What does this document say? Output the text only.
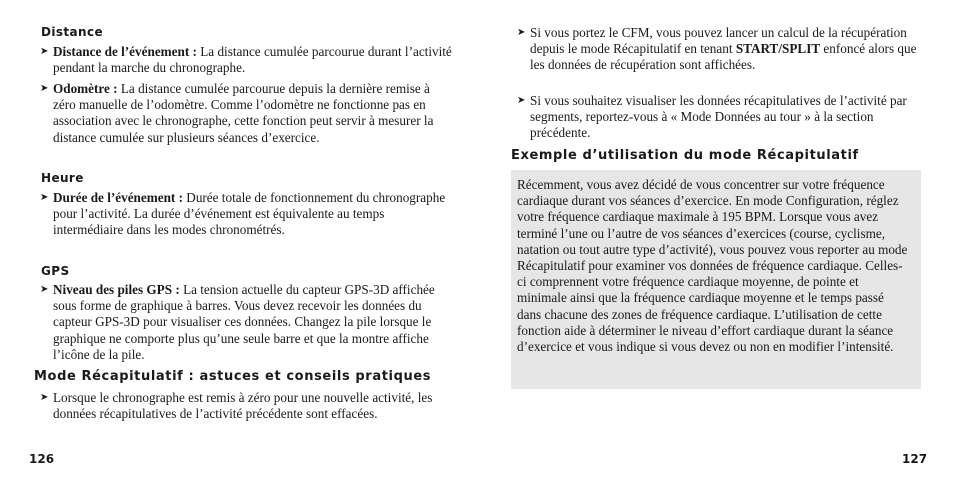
Distance
➤ Distance de l’événement : La distance cumulée parcourue durant l’activité pendant la marche du chronographe.
➤ Odomètre : La distance cumulée parcourue depuis la dernière remise à zéro manuelle de l’odomètre. Comme l’odomètre ne fonctionne pas en association avec le chronographe, cette fonction peut servir à mesurer la distance cumulée sur plusieurs séances d’exercice.
Heure
➤ Durée de l’événement : Durée totale de fonctionnement du chronographe pour l’activité. La durée d’événement est équivalente au temps intermédiaire dans les modes chronométrés.
GPS
➤ Niveau des piles GPS : La tension actuelle du capteur GPS-3D affichée sous forme de graphique à barres. Vous devez recevoir les données du capteur GPS-3D pour visualiser ces données. Changez la pile lorsque le graphique ne comporte plus qu’une seule barre et que la montre affiche l’icône de la pile.
Mode Récapitulatif : astuces et conseils pratiques
➤ Lorsque le chronographe est remis à zéro pour une nouvelle activité, les données récapitulatives de l’activité précédente sont effacées.
➤ Si vous portez le CFM, vous pouvez lancer un calcul de la récupération depuis le mode Récapitulatif en tenant START/SPLIT enfoncé alors que les données de récupération sont affichées.
➤ Si vous souhaitez visualiser les données récapitulatives de l’activité par segments, reportez-vous à « Mode Données au tour » à la section précédente.
Exemple d’utilisation du mode Récapitulatif

Récemment, vous avez décidé de vous concentrer sur votre fréquence cardiaque durant vos séances d’exercice. En mode Configuration, réglez votre fréquence cardiaque maximale à 195 BPM. Lorsque vous avez terminé l’une ou l’autre de vos séances d’exercices (course, cyclisme, natation ou tout autre type d’activité), vous pouvez vous reporter au mode Récapitulatif pour examiner vos données de fréquence cardiaque. Celles-ci comprennent votre fréquence cardiaque moyenne, de pointe et minimale ainsi que la fréquence cardiaque moyenne et le temps passé dans chacune des zones de fréquence cardiaque. L’utilisation de cette fonction aide à déterminer le niveau d’effort cardiaque durant la séance d’exercice et vous indique si vous devez ou non en modifier l’intensité.

126	127
